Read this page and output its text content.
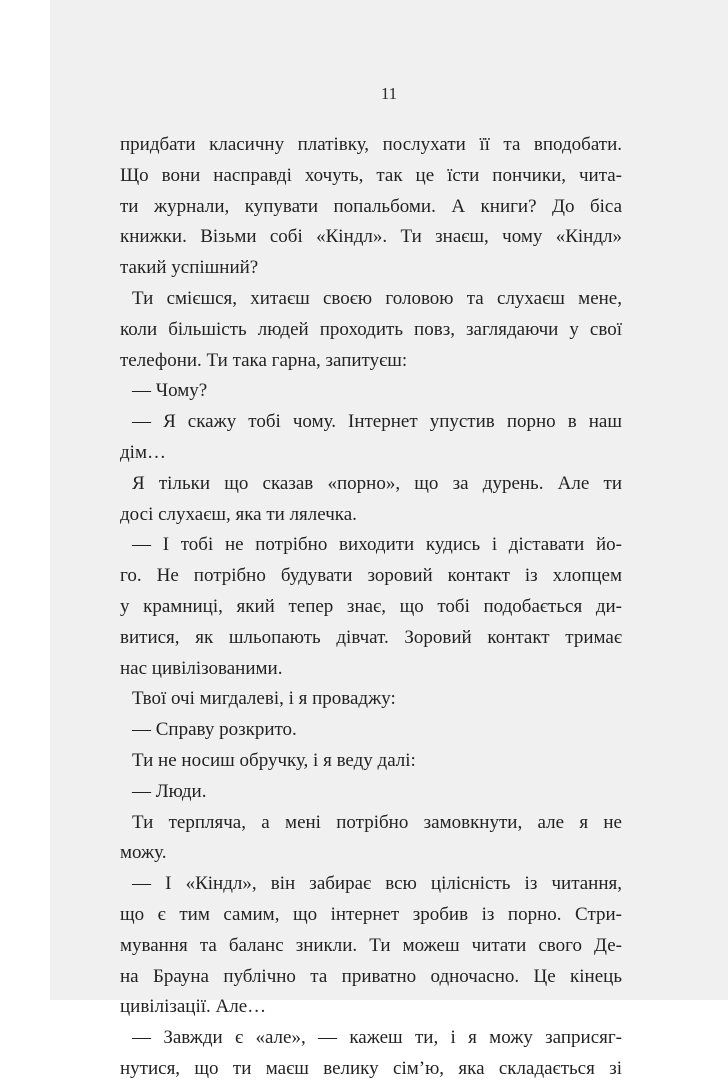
11
придбати класичну платівку, послухати її та вподобати.
Що вони насправді хочуть, так це їсти пончики, чита-
ти журнали, купувати попальбоми. А книги? До біса
книжки. Візьми собі «Кіндл». Ти знаєш, чому «Кіндл»
такий успішний?
Ти смієшся, хитаєш своєю головою та слухаєш мене,
коли більшість людей проходить повз, заглядаючи у свої
телефони. Ти така гарна, запитуєш:
— Чому?
— Я скажу тобі чому. Інтернет упустив порно в наш
дім…
Я тільки що сказав «порно», що за дурень. Але ти
досі слухаєш, яка ти лялечка.
— І тобі не потрібно виходити кудись і діставати йо-
го. Не потрібно будувати зоровий контакт із хлопцем
у крамниці, який тепер знає, що тобі подобається ди-
витися, як шльопають дівчат. Зоровий контакт тримає
нас цивілізованими.
Твої очі мигдалеві, і я проваджу:
— Справу розкрито.
Ти не носиш обручку, і я веду далі:
— Люди.
Ти терпляча, а мені потрібно замовкнути, але я не
можу.
— І «Кіндл», він забирає всю цілісність із читання,
що є тим самим, що інтернет зробив із порно. Стри-
мування та баланс зникли. Ти можеш читати свого Де-
на Брауна публічно та приватно одночасно. Це кінець
цивілізації. Але…
— Завжди є «але», — кажеш ти, і я можу заприсяг-
нутися, що ти маєш велику сім’ю, яка складається зі
